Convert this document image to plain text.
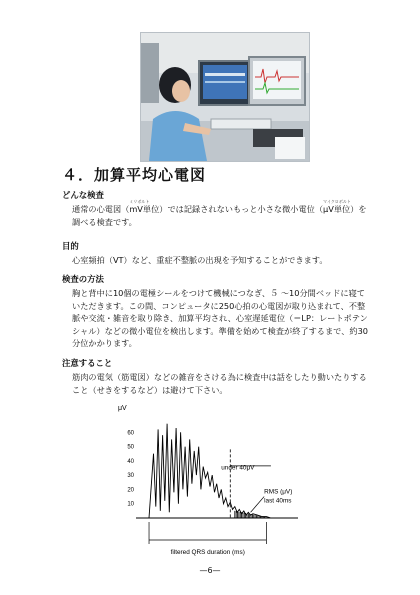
４．加算平均心電図
どんな検査
通常の心電図（
ミリボルト
mV単位）では記録されないもっと小さな微小電位（
マイクロボルト
μV単位）を調べる検査です。
目的
心室頻拍（VT）など、重症不整脈の出現を予知することができます。
検査の方法
胸と背中に10個の電極シールをつけて機械につなぎ、５ ～10分間ベッドに寝ていただきます。この間、コンピュータに250心拍の心電図が取り込まれて、不整脈や交流・雑音を取り除き、加算平均され、心室遅延電位（＝LP：レートポテンシャル）などの微小電位を検出します。準備を始めて検査が終了するまで、約30分位かかります。
注意すること
筋肉の電気（筋電図）などの雑音をさける為に検査中は話をしたり動いたりすること（せきをするなど）は避けて下さい。
μV
10
20
30
40
50
60
under 40μV
RMS (μV)
last 40ms
filtered QRS duration (ms)
—6—
